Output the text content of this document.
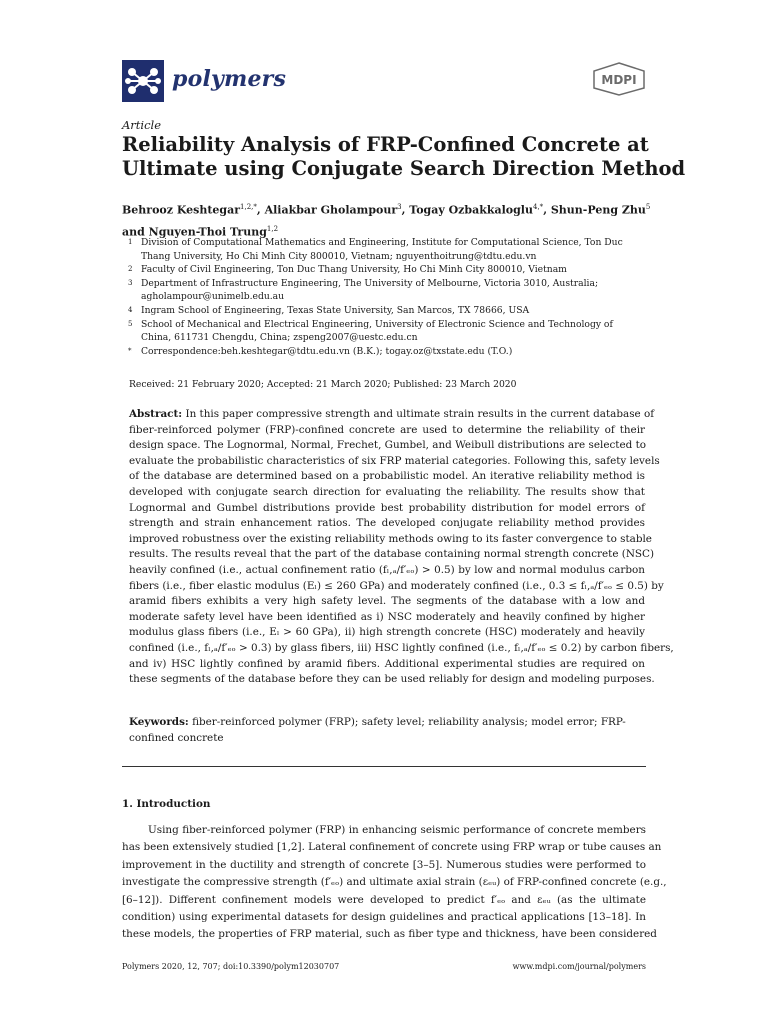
polymers	MDPI
Article
Reliability Analysis of FRP-Confined Concrete at
Ultimate using Conjugate Search Direction Method
Behrooz Keshtegar$^{1,2,*}$, Aliakbar Gholampour$^3$, Togay Ozbakkaloglu$^{4,*}$, Shun-Peng Zhu$^5$
and Nguyen-Thoi Trung$^{1,2}$
1 Division of Computational Mathematics and Engineering, Institute for Computational Science, Ton Duc
Thang University, Ho Chi Minh City 800010, Vietnam; nguyenthoitrung@tdtu.edu.vn
2 Faculty of Civil Engineering, Ton Duc Thang University, Ho Chi Minh City 800010, Vietnam
3 Department of Infrastructure Engineering, The University of Melbourne, Victoria 3010, Australia;
agholampour@unimelb.edu.au
4 Ingram School of Engineering, Texas State University, San Marcos, TX 78666, USA
5 School of Mechanical and Electrical Engineering, University of Electronic Science and Technology of
China, 611731 Chengdu, China; zspeng2007@uestc.edu.cn
* Correspondence:beh.keshtegar@tdtu.edu.vn (B.K.); togay.oz@txstate.edu (T.O.)
Received: 21 February 2020; Accepted: 21 March 2020; Published: 23 March 2020
Abstract: In this paper compressive strength and ultimate strain results in the current database of
fiber-reinforced polymer (FRP)-confined concrete are used to determine the reliability of their
design space. The Lognormal, Normal, Frechet, Gumbel, and Weibull distributions are selected to
evaluate the probabilistic characteristics of six FRP material categories. Following this, safety levels
of the database are determined based on a probabilistic model. An iterative reliability method is
developed with conjugate search direction for evaluating the reliability. The results show that
Lognormal and Gumbel distributions provide best probability distribution for model errors of
strength and strain enhancement ratios. The developed conjugate reliability method provides
improved robustness over the existing reliability methods owing to its faster convergence to stable
results. The results reveal that the part of the database containing normal strength concrete (NSC)
heavily confined (i.e., actual confinement ratio (fₗ,ₐ/f′ₑₒ) > 0.5) by low and normal modulus carbon
fibers (i.e., fiber elastic modulus (Eₗ) ≤ 260 GPa) and moderately confined (i.e., 0.3 ≤ fₗ,ₐ/f′ₑₒ ≤ 0.5) by
aramid fibers exhibits a very high safety level. The segments of the database with a low and
moderate safety level have been identified as i) NSC moderately and heavily confined by higher
modulus glass fibers (i.e., Eₗ > 60 GPa), ii) high strength concrete (HSC) moderately and heavily
confined (i.e., fₗ,ₐ/f′ₑₒ > 0.3) by glass fibers, iii) HSC lightly confined (i.e., fₗ,ₐ/f′ₑₒ ≤ 0.2) by carbon fibers,
and iv) HSC lightly confined by aramid fibers. Additional experimental studies are required on
these segments of the database before they can be used reliably for design and modeling purposes.
Keywords: fiber-reinforced polymer (FRP); safety level; reliability analysis; model error; FRP-
confined concrete
1. Introduction
Using fiber-reinforced polymer (FRP) in enhancing seismic performance of concrete members
has been extensively studied [1,2]. Lateral confinement of concrete using FRP wrap or tube causes an
improvement in the ductility and strength of concrete [3–5]. Numerous studies were performed to
investigate the compressive strength (f′ₑₒ) and ultimate axial strain (εₑᵤ) of FRP-confined concrete (e.g.,
[6–12]). Different confinement models were developed to predict f′ₑₒ and εₑᵤ (as the ultimate
condition) using experimental datasets for design guidelines and practical applications [13–18]. In
these models, the properties of FRP material, such as fiber type and thickness, have been considered
Polymers 2020, 12, 707; doi:10.3390/polym12030707	www.mdpi.com/journal/polymers
